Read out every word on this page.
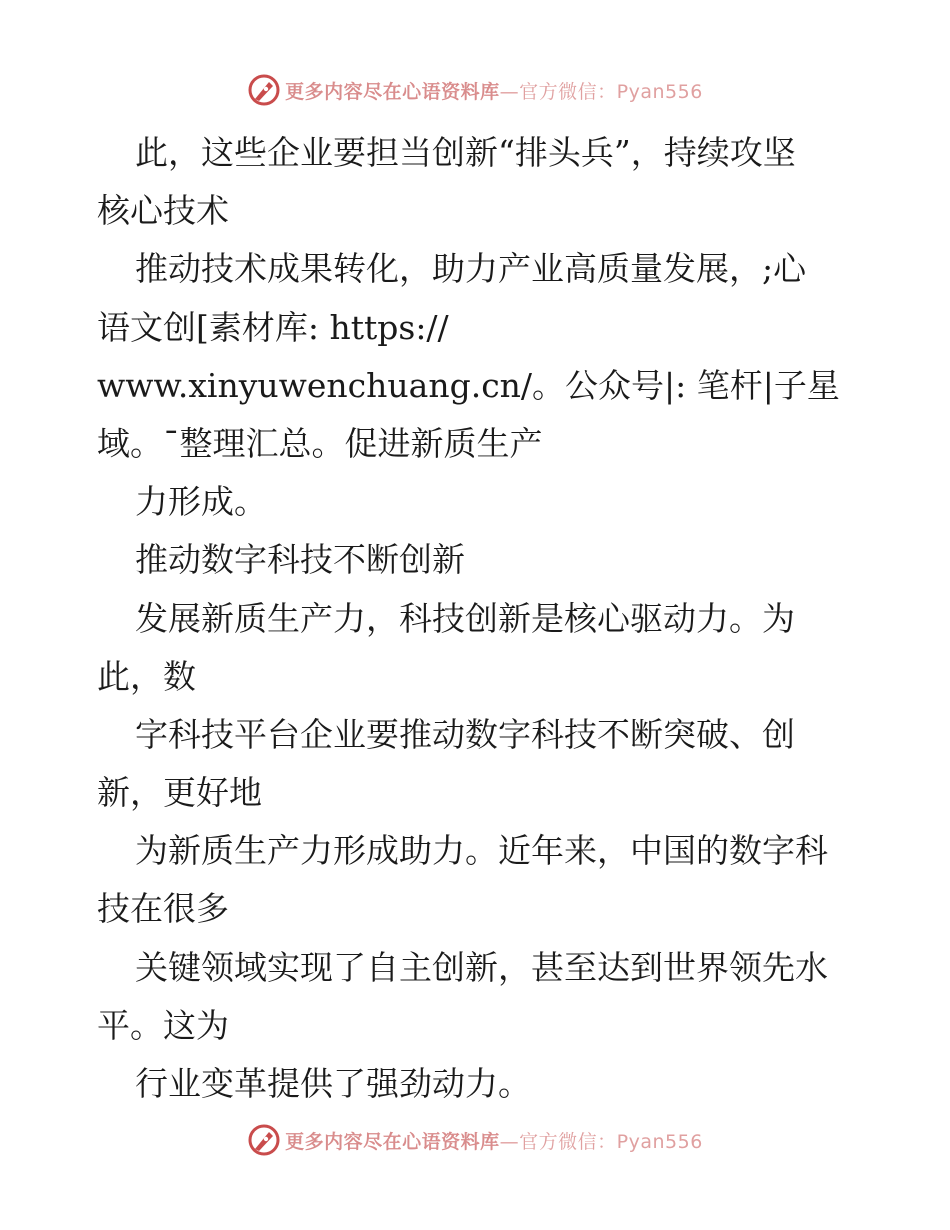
更多内容尽在心语资料库—官方微信：Pyan556
此，这些企业要担当创新“排头兵”，持续攻坚
核心技术
推动技术成果转化，助力产业高质量发展，;心
语文创[素材库: https://
www.xinyuwenchuang.cn/。公众号|: 笔杆|子星
域。¯整理汇总。促进新质生产
力形成。
推动数字科技不断创新
发展新质生产力，科技创新是核心驱动力。为
此，数
字科技平台企业要推动数字科技不断突破、创
新，更好地
为新质生产力形成助力。近年来，中国的数字科
技在很多
关键领域实现了自主创新，甚至达到世界领先水
平。这为
行业变革提供了强劲动力。
更多内容尽在心语资料库—官方微信：Pyan556
